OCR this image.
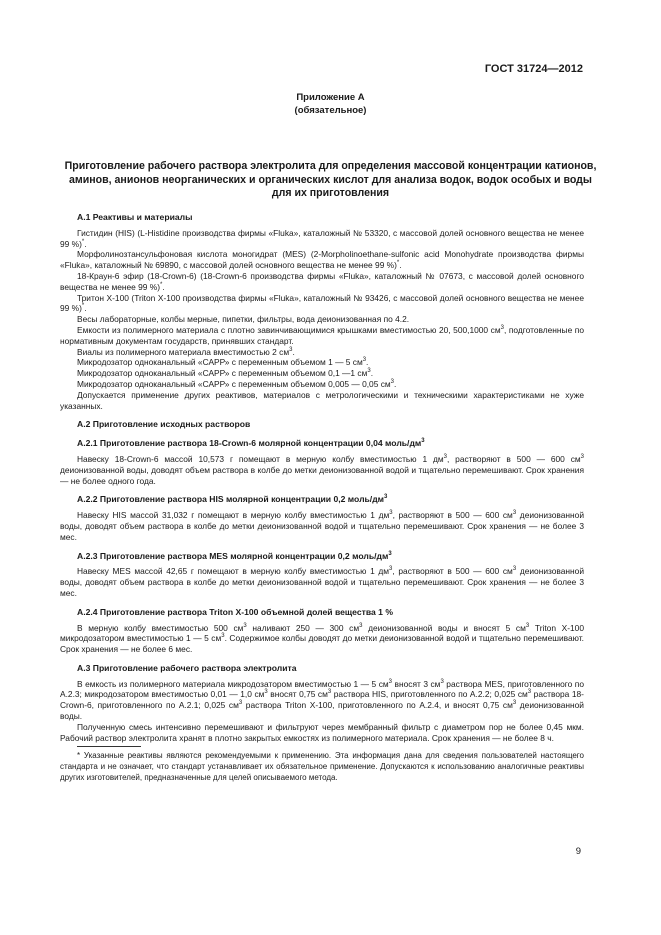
ГОСТ 31724—2012
Приложение А
(обязательное)
Приготовление рабочего раствора электролита для определения массовой концентрации катионов, аминов, анионов неорганических и органических кислот для анализа водок, водок особых и воды для их приготовления

А.1 Реактивы и материалы

Гистидин (HIS) (L-Histidine производства фирмы «Fluka», каталожный № 53320, с массовой долей основного вещества не менее 99 %)*.

Морфолинозтансульфоновая кислота моногидрат (MES) (2-Morpholinoethane-sulfonic acid Monohydrate производства фирмы «Fluka», каталожный № 69890, с массовой долей основного вещества не менее 99 %)*.

18-Краун-6 эфир (18-Crown-6) (18-Crown-6 производства фирмы «Fluka», каталожный № 07673, с массовой долей основного вещества не менее 99 %)*.

Тритон X-100 (Triton X-100 производства фирмы «Fluka», каталожный № 93426, с массовой долей основного вещества не менее 99 %)*.

Весы лабораторные, колбы мерные, пипетки, фильтры, вода деионизованная по 4.2.

Емкости из полимерного материала с плотно завинчивающимися крышками вместимостью 20, 500,1000 $см^3$, подготовленные по нормативным документам государств, принявших стандарт.

Виалы из полимерного материала вместимостью 2 $см^3$.

Микродозатор одноканальный «САРР» с переменным объемом 1 — 5 $см^3$.

Микродозатор одноканальный «САРР» с переменным объемом 0,1 —1 $см^3$.

Микродозатор одноканальный «САРР» с переменным объемом 0,005 — 0,05 $см^3$.

Допускается применение других реактивов, материалов с метрологическими и техническими характеристиками не хуже указанных.

А.2 Приготовление исходных растворов

А.2.1 Приготовление раствора 18-Crown-6 молярной концентрации 0,04 моль/$дм^3$

Навеску 18-Crown-6 массой 10,573 г помещают в мерную колбу вместимостью 1 $дм^3$, растворяют в 500 — 600 $см^3$ деионизованной воды, доводят объем раствора в колбе до метки деионизованной водой и тщательно перемешивают. Срок хранения — не более одного года.

А.2.2 Приготовление раствора HIS молярной концентрации 0,2 моль/$дм^3$

Навеску HIS массой 31,032 г помещают в мерную колбу вместимостью 1 $дм^3$, растворяют в 500 — 600 $см^3$ деионизованной воды, доводят объем раствора в колбе до метки деионизованной водой и тщательно перемешивают. Срок хранения — не более 3 мес.

А.2.3 Приготовление раствора MES молярной концентрации 0,2 моль/$дм^3$

Навеску MES массой 42,65 г помещают в мерную колбу вместимостью 1 $дм^3$, растворяют в 500 — 600 $см^3$ деионизованной воды, доводят объем раствора в колбе до метки деионизованной водой и тщательно перемешивают. Срок хранения — не более 3 мес.

А.2.4 Приготовление раствора Triton X-100 объемной долей вещества 1 %

В мерную колбу вместимостью 500 $см^3$ наливают 250 — 300 $см^3$ деионизованной воды и вносят 5 $см^3$ Triton X-100 микродозатором вместимостью 1 — 5 $см^3$. Содержимое колбы доводят до метки деионизованной водой и тщательно перемешивают. Срок хранения — не более 6 мес.

А.3 Приготовление рабочего раствора электролита

В емкость из полимерного материала микродозатором вместимостью 1 — 5 $см^3$ вносят 3 $см^3$ раствора MES, приготовленного по А.2.3; микродозатором вместимостью 0,01 — 1,0 $см^3$ вносят 0,75 $см^3$ раствора HIS, приготовленного по А.2.2; 0,025 $см^3$ раствора 18-Crown-6, приготовленного по А.2.1; 0,025 $см^3$ раствора Triton X-100, приготовленного по А.2.4, и вносят 0,75 $см^3$ деионизованной воды.

Полученную смесь интенсивно перемешивают и фильтруют через мембранный фильтр с диаметром пор не более 0,45 мкм. Рабочий раствор электролита хранят в плотно закрытых емкостях из полимерного материала. Срок хранения — не более 8 ч.

* Указанные реактивы являются рекомендуемыми к применению. Эта информация дана для сведения пользователей настоящего стандарта и не означает, что стандарт устанавливает их обязательное применение. Допускаются к использованию аналогичные реактивы других изготовителей, предназначенные для целей описываемого метода.

9
